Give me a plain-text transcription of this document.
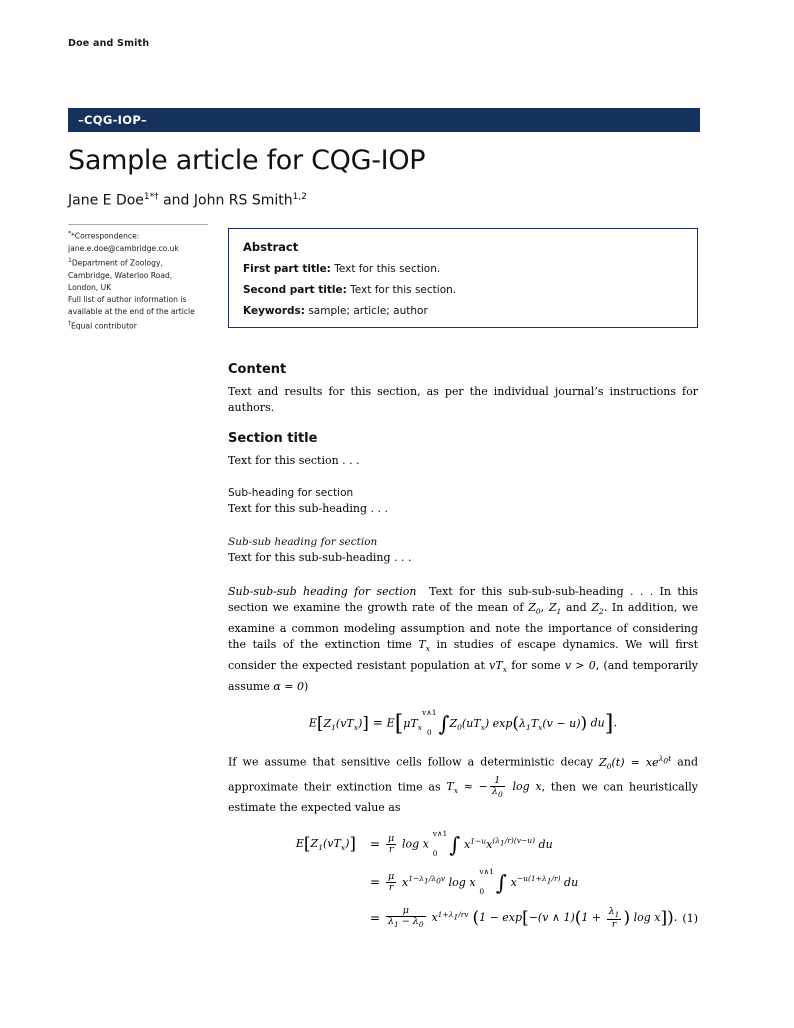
Doe and Smith
–CQG-IOP–
Sample article for CQG-IOP
Jane E Doe$^{1*\dagger}$ and John RS Smith$^{1,2}$
**Correspondence:
jane.e.doe@cambridge.co.uk
$^1$Department of Zoology,
Cambridge, Waterloo Road,
London, UK
Full list of author information is
available at the end of the article
†Equal contributor
Abstract
First part title: Text for this section.
Second part title: Text for this section.
Keywords: sample; article; author
Content

Text and results for this section, as per the individual journal’s instructions for authors.

Section title

Text for this section . . .

Sub-heading for section

Text for this sub-heading . . .

Sub-sub heading for section

Text for this sub-sub-heading . . .

Sub-sub-sub heading for section  Text for this sub-sub-sub-heading . . . In this section we examine the growth rate of the mean of $Z_0$, $Z_1$ and $Z_2$. In addition, we examine a common modeling assumption and note the importance of considering the tails of the extinction time $T_x$ in studies of escape dynamics. We will first consider the expected resistant population at $vT_x$ for some v > 0, (and temporarily assume α = 0)

$E[Z_1(vT_x)] = E[\mu T_x$
v∧1
0 $\int Z_0(uT_x) \exp(\lambda_1T_x(v - u))$ du].

If we assume that sensitive cells follow a deterministic decay $Z_0(t) = xe^{\lambda_0t}$ and approximate their extinction time as $T_x$ ≈ − $\frac{1}{\lambda_0}$ log x, then we can heuristically estimate the expected value as

$E[Z_1(vT_x)]$	= $\frac{\mu}{r}$ log x
v∧1
0 ∫ $x^{1-u}x^{(\lambda_1/r)(v-u)}$ du
= $\frac{\mu}{r} x^{1-\lambda_1/\lambda_0v}$ log x
v∧1
0 ∫ $x^{-u(1+\lambda_1/r)}$ du
= $\frac{\mu}{\lambda_1 - \lambda_0} x^{1+\lambda_1/rv}$ (1 − exp[−(v ∧ $1)(1 + \frac{\lambda_1}{r}$ ) log x]). (1)
